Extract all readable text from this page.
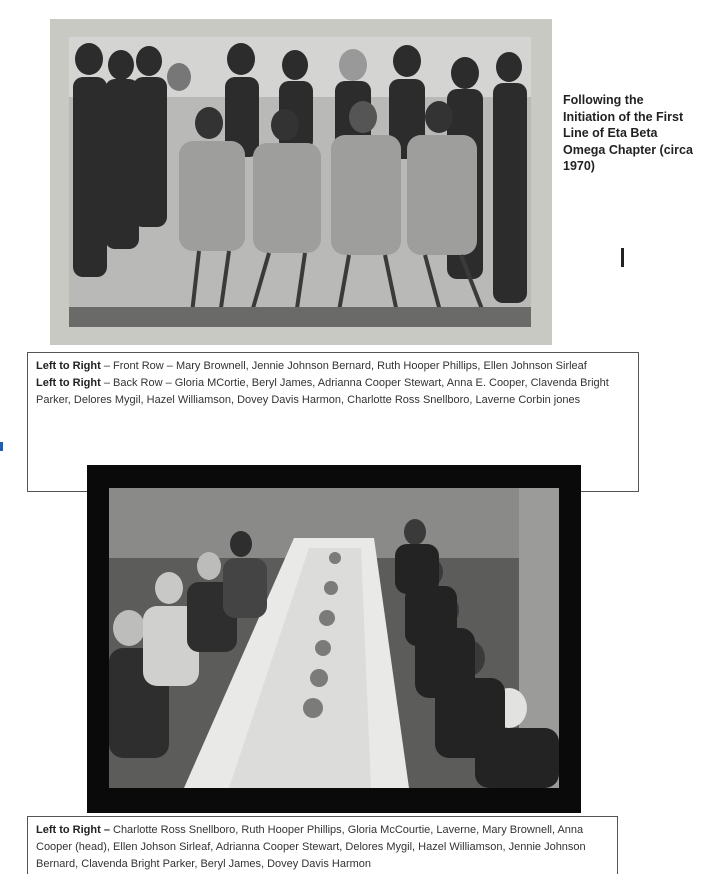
Following the Initiation of the First Line of Eta Beta Omega Chapter (circa 1970)
Left to Right – Front Row – Mary Brownell, Jennie Johnson Bernard, Ruth Hooper Phillips, Ellen Johnson Sirleaf
Left to Right – Back Row – Gloria MCortie, Beryl James, Adrianna Cooper Stewart, Anna E. Cooper, Clavenda Bright Parker, Delores Mygil, Hazel Williamson, Dovey Davis Harmon, Charlotte Ross Snellboro, Laverne Corbin jones
Left to Right – Charlotte Ross Snellboro, Ruth Hooper Phillips, Gloria McCourtie, Laverne, Mary Brownell, Anna Cooper (head), Ellen Johson Sirleaf, Adrianna Cooper Stewart, Delores Mygil, Hazel Williamson, Jennie Johnson Bernard, Clavenda Bright Parker, Beryl James, Dovey Davis Harmon
